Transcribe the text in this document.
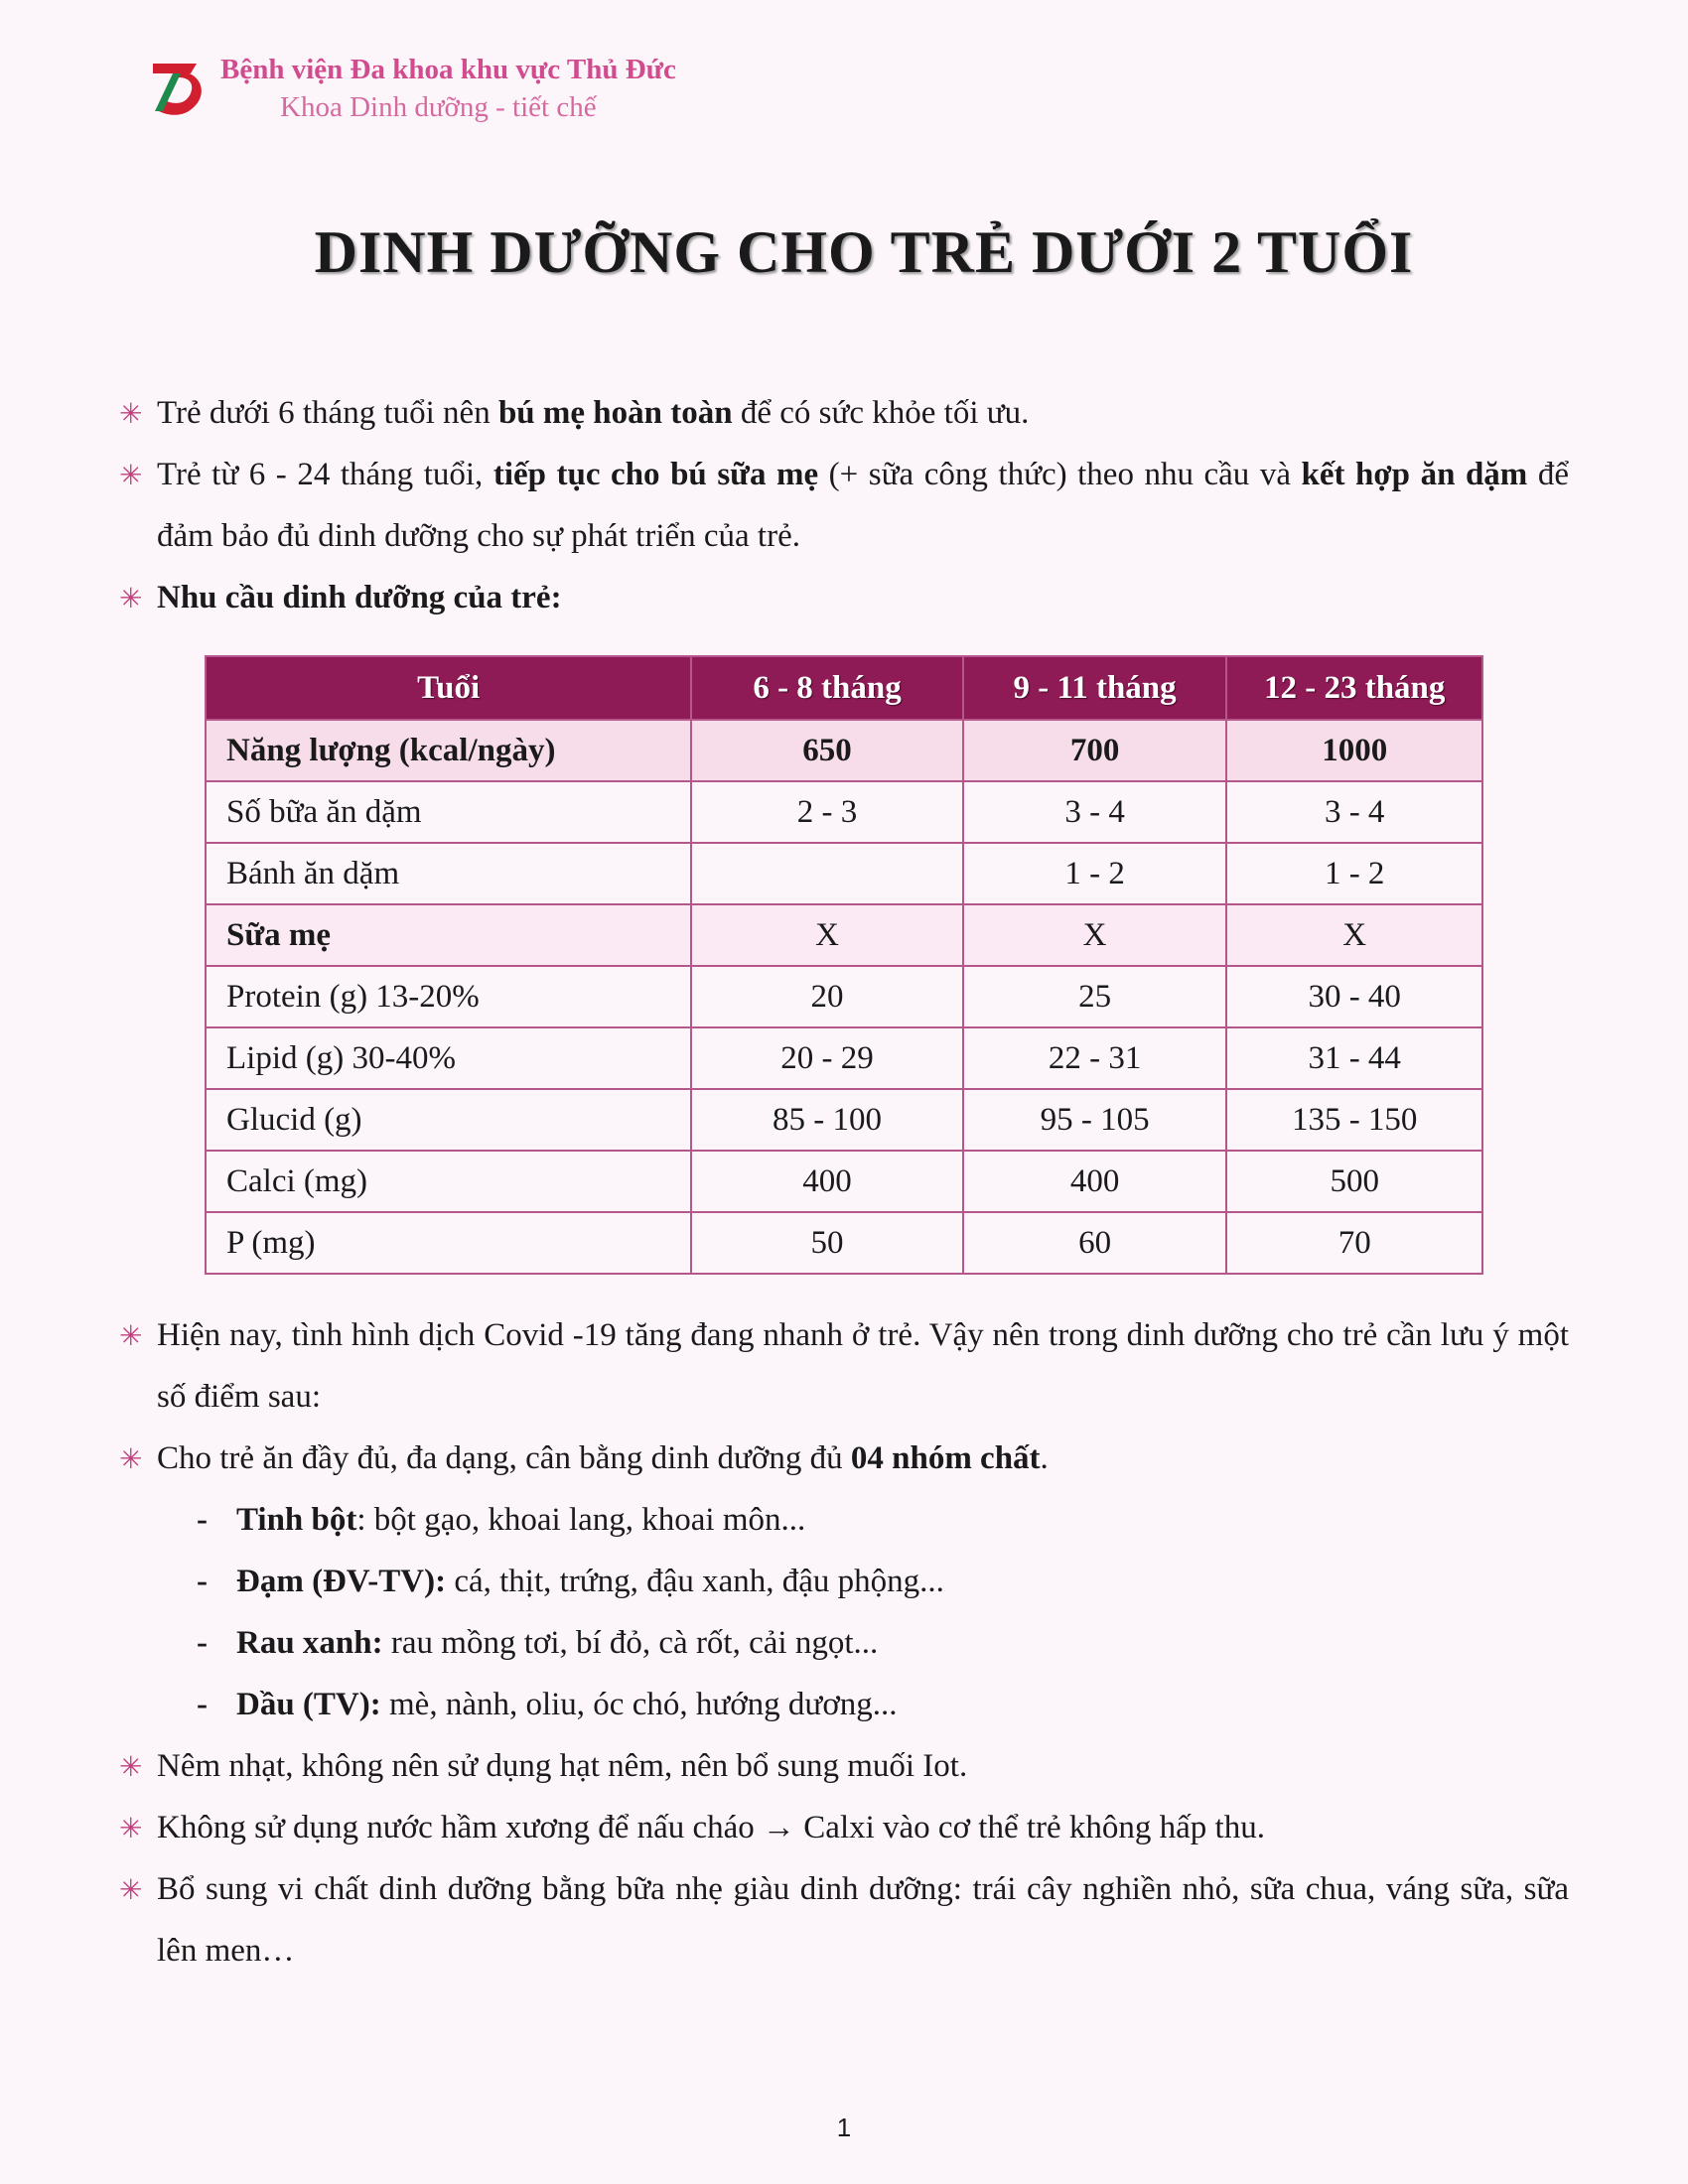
Bệnh viện Đa khoa khu vực Thủ Đức
Khoa Dinh dưỡng - tiết chế
DINH DƯỠNG CHO TRẺ DƯỚI 2 TUỔI
✳ Trẻ dưới 6 tháng tuổi nên bú mẹ hoàn toàn để có sức khỏe tối ưu.
✳ Trẻ từ 6 - 24 tháng tuổi, tiếp tục cho bú sữa mẹ (+ sữa công thức) theo nhu cầu và kết hợp ăn dặm để đảm bảo đủ dinh dưỡng cho sự phát triển của trẻ.
✳ Nhu cầu dinh dưỡng của trẻ:
Tuổi	6 - 8 tháng	9 - 11 tháng	12 - 23 tháng
Năng lượng (kcal/ngày)	650	700	1000
Số bữa ăn dặm	2 - 3	3 - 4	3 - 4
Bánh ăn dặm		1 - 2	1 - 2
Sữa mẹ	X	X	X
Protein (g) 13-20%	20	25	30 - 40
Lipid (g) 30-40%	20 - 29	22 - 31	31 - 44
Glucid (g)	85 - 100	95 - 105	135 - 150
Calci (mg)	400	400	500
P (mg)	50	60	70
✳ Hiện nay, tình hình dịch Covid -19 tăng đang nhanh ở trẻ. Vậy nên trong dinh dưỡng cho trẻ cần lưu ý một số điểm sau:
✳ Cho trẻ ăn đầy đủ, đa dạng, cân bằng dinh dưỡng đủ 04 nhóm chất.
- Tinh bột: bột gạo, khoai lang, khoai môn...
- Đạm (ĐV-TV): cá, thịt, trứng, đậu xanh, đậu phộng...
- Rau xanh: rau mồng tơi, bí đỏ, cà rốt, cải ngọt...
- Dầu (TV): mè, nành, oliu, óc chó, hướng dương...
✳ Nêm nhạt, không nên sử dụng hạt nêm, nên bổ sung muối Iot.
✳ Không sử dụng nước hầm xương để nấu cháo → Calxi vào cơ thể trẻ không hấp thu.
✳ Bổ sung vi chất dinh dưỡng bằng bữa nhẹ giàu dinh dưỡng: trái cây nghiền nhỏ, sữa chua, váng sữa, sữa lên men…
1
